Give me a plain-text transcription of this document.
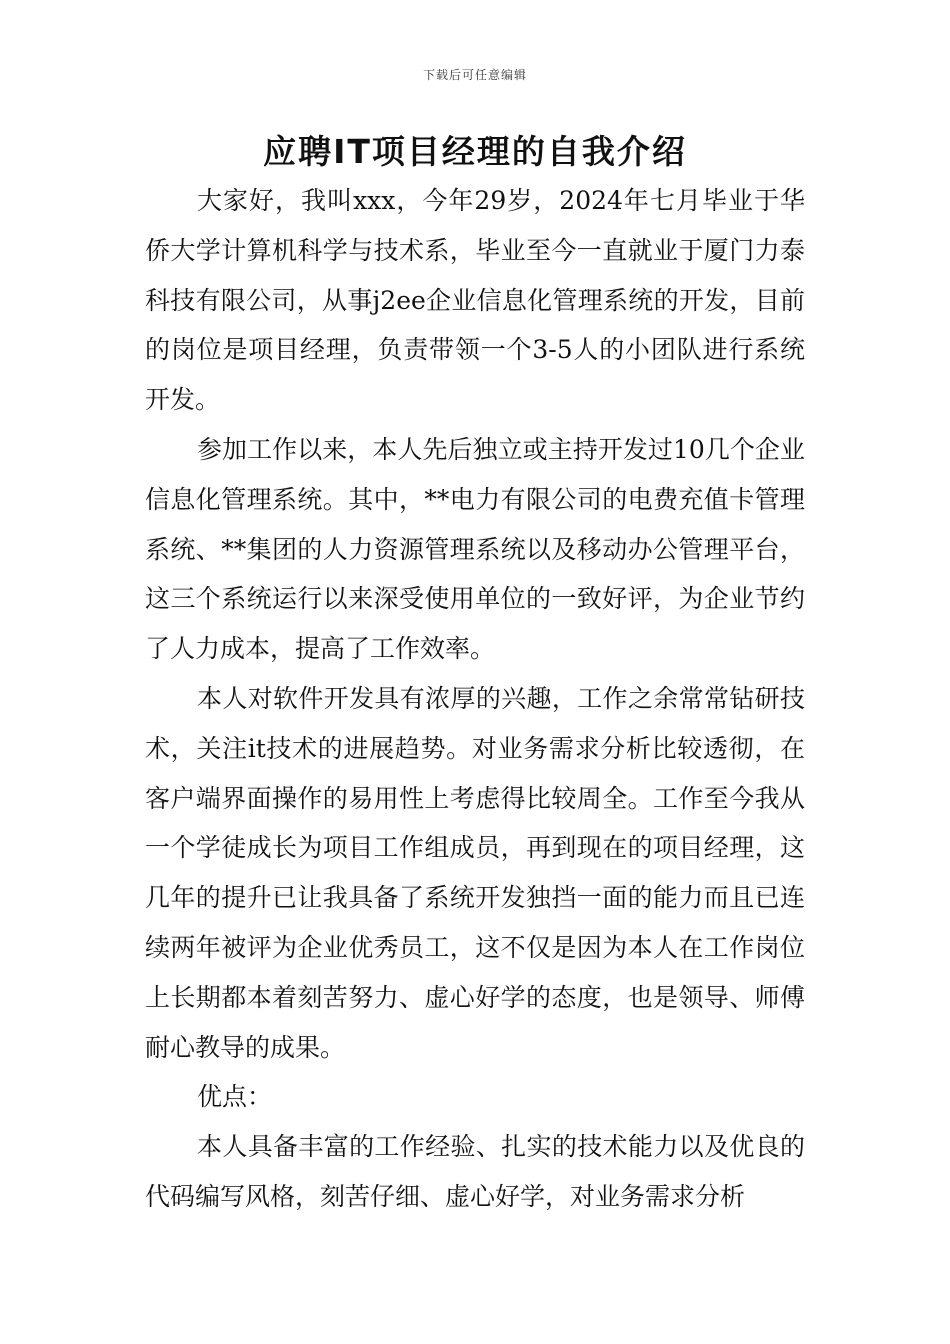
下载后可任意编辑
应聘IT项目经理的自我介绍

大家好，我叫xxx，今年29岁，2024年七月毕业于华侨大学计算机科学与技术系，毕业至今一直就业于厦门力泰科技有限公司，从事j2ee企业信息化管理系统的开发，目前的岗位是项目经理，负责带领一个3-5人的小团队进行系统开发。

参加工作以来，本人先后独立或主持开发过10几个企业信息化管理系统。其中，**电力有限公司的电费充值卡管理系统、**集团的人力资源管理系统以及移动办公管理平台，这三个系统运行以来深受使用单位的一致好评，为企业节约了人力成本，提高了工作效率。

本人对软件开发具有浓厚的兴趣，工作之余常常钻研技术，关注it技术的进展趋势。对业务需求分析比较透彻，在客户端界面操作的易用性上考虑得比较周全。工作至今我从一个学徒成长为项目工作组成员，再到现在的项目经理，这几年的提升已让我具备了系统开发独挡一面的能力而且已连续两年被评为企业优秀员工，这不仅是因为本人在工作岗位上长期都本着刻苦努力、虚心好学的态度，也是领导、师傅耐心教导的成果。

优点：

本人具备丰富的工作经验、扎实的技术能力以及优良的代码编写风格，刻苦仔细、虚心好学，对业务需求分析
